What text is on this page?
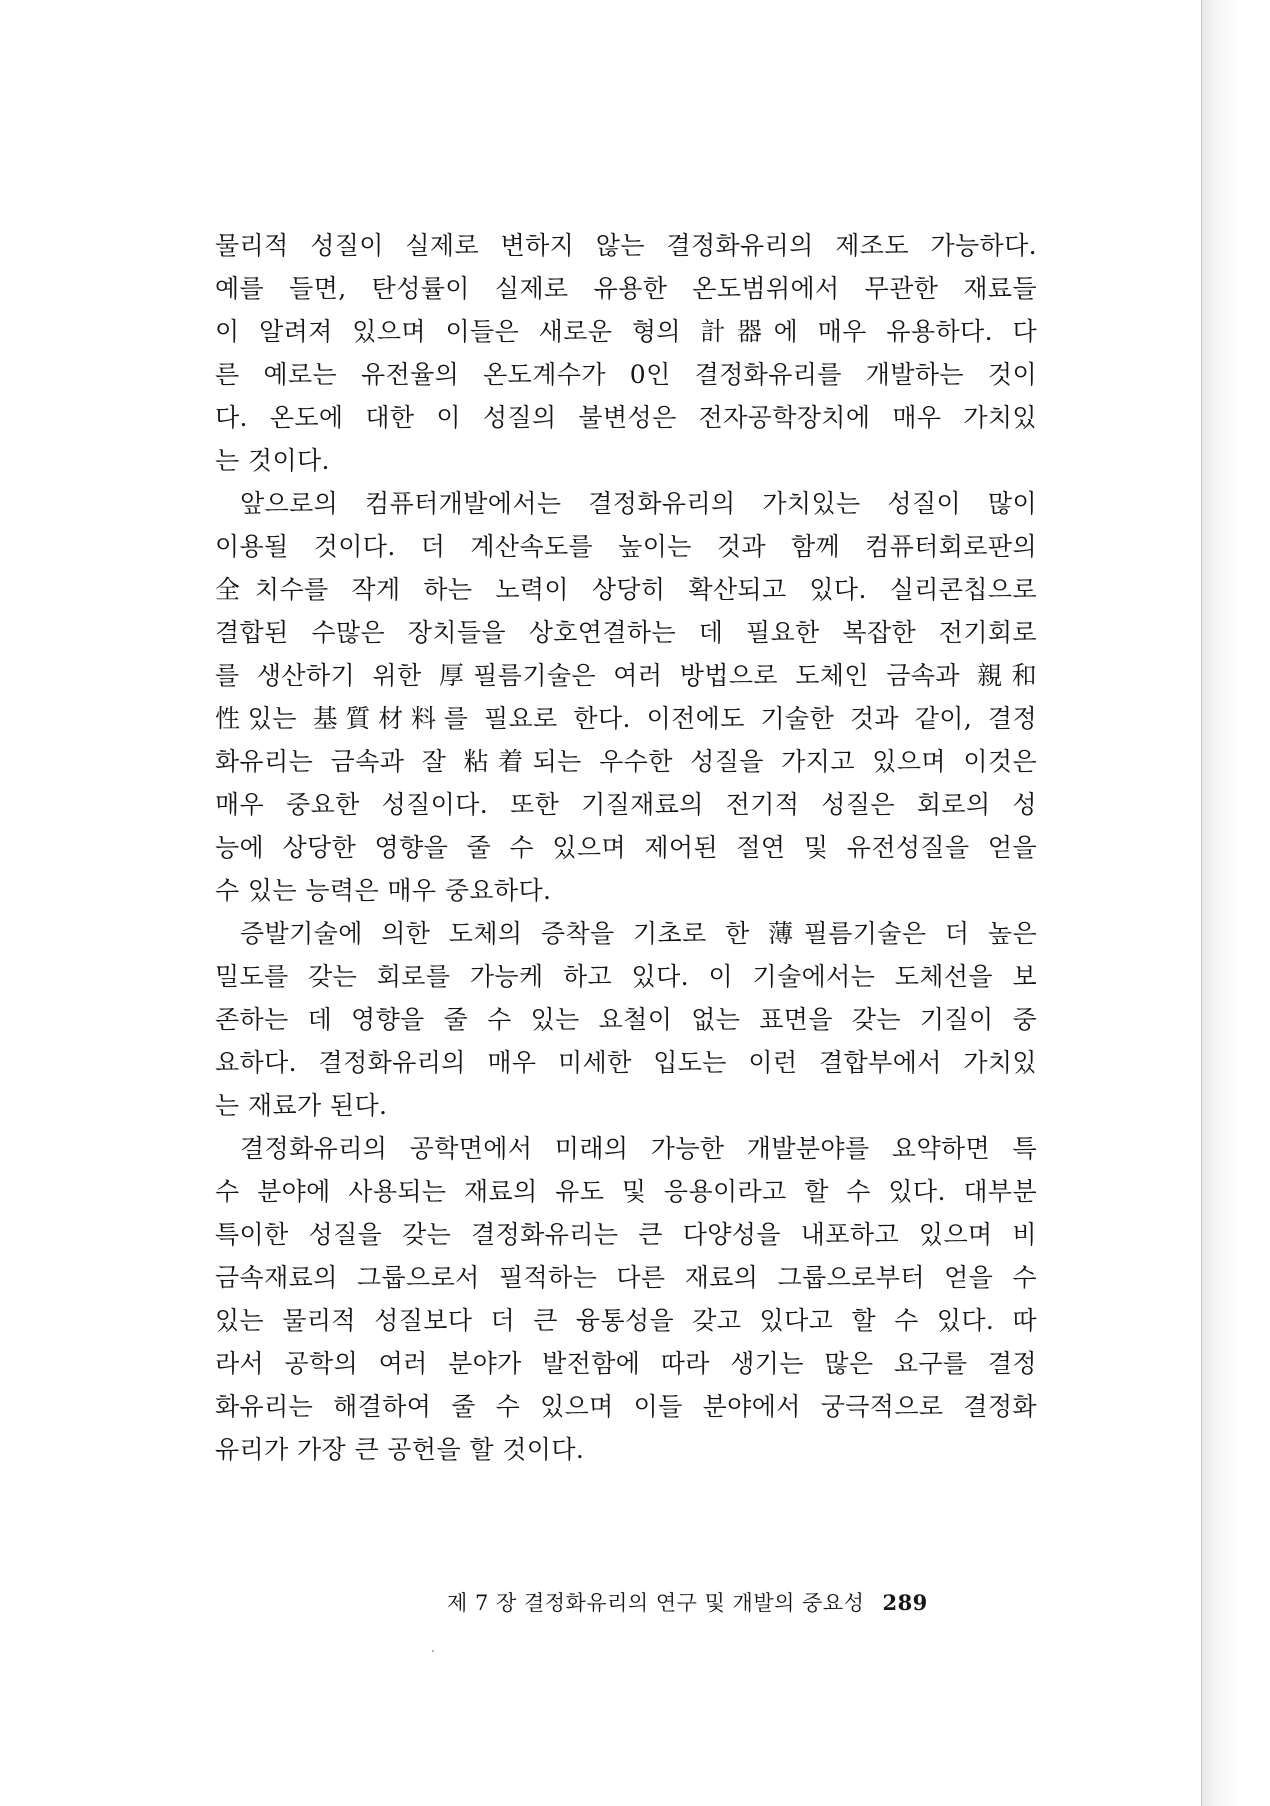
물리적 성질이 실제로 변하지 않는 결정화유리의 제조도 가능하다.
예를 들면, 탄성률이 실제로 유용한 온도범위에서 무관한 재료들
이 알려져 있으며 이들은 새로운 형의 計器에 매우 유용하다. 다
른 예로는 유전율의 온도계수가 0인 결정화유리를 개발하는 것이
다. 온도에 대한 이 성질의 불변성은 전자공학장치에 매우 가치있
는 것이다.
앞으로의 컴퓨터개발에서는 결정화유리의 가치있는 성질이 많이
이용될 것이다. 더 계산속도를 높이는 것과 함께 컴퓨터회로판의
全치수를 작게 하는 노력이 상당히 확산되고 있다. 실리콘칩으로
결합된 수많은 장치들을 상호연결하는 데 필요한 복잡한 전기회로
를 생산하기 위한 厚필름기술은 여러 방법으로 도체인 금속과 親和
性있는 基質材料를 필요로 한다. 이전에도 기술한 것과 같이, 결정
화유리는 금속과 잘 粘着되는 우수한 성질을 가지고 있으며 이것은
매우 중요한 성질이다. 또한 기질재료의 전기적 성질은 회로의 성
능에 상당한 영향을 줄 수 있으며 제어된 절연 및 유전성질을 얻을
수 있는 능력은 매우 중요하다.
증발기술에 의한 도체의 증착을 기초로 한 薄필름기술은 더 높은
밀도를 갖는 회로를 가능케 하고 있다. 이 기술에서는 도체선을 보
존하는 데 영향을 줄 수 있는 요철이 없는 표면을 갖는 기질이 중
요하다. 결정화유리의 매우 미세한 입도는 이런 결합부에서 가치있
는 재료가 된다.
결정화유리의 공학면에서 미래의 가능한 개발분야를 요약하면 특
수 분야에 사용되는 재료의 유도 및 응용이라고 할 수 있다. 대부분
특이한 성질을 갖는 결정화유리는 큰 다양성을 내포하고 있으며 비
금속재료의 그룹으로서 필적하는 다른 재료의 그룹으로부터 얻을 수
있는 물리적 성질보다 더 큰 융통성을 갖고 있다고 할 수 있다. 따
라서 공학의 여러 분야가 발전함에 따라 생기는 많은 요구를 결정
화유리는 해결하여 줄 수 있으며 이들 분야에서 궁극적으로 결정화
유리가 가장 큰 공헌을 할 것이다.
제 7 장 결정화유리의 연구 및 개발의 중요성 289
